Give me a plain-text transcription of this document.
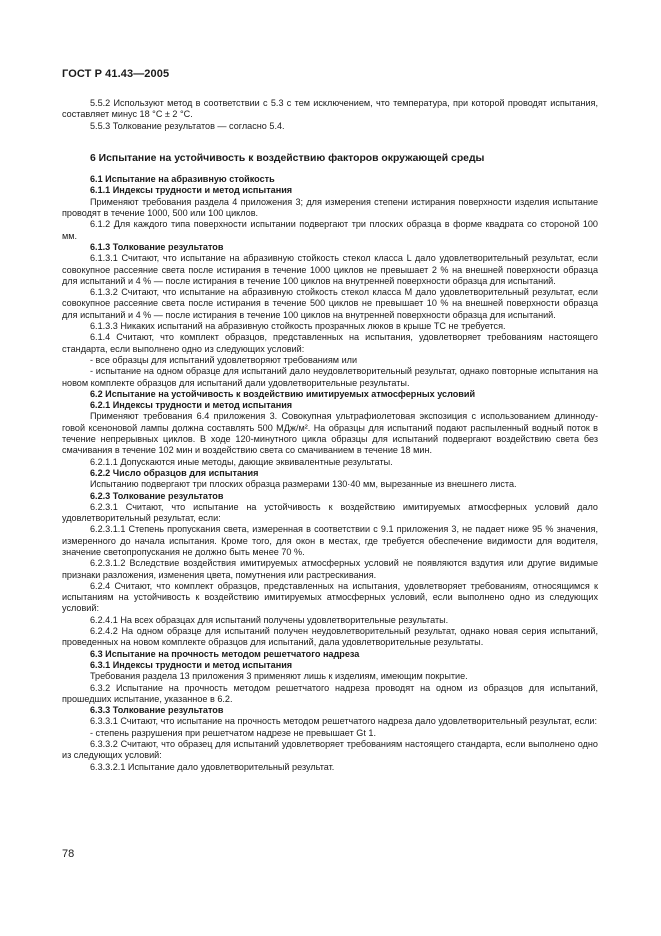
ГОСТ Р 41.43—2005

5.5.2 Используют метод в соответствии с 5.3 с тем исключением, что температура, при которой проводят испытания, составляет минус 18 °С ± 2 °С.

5.5.3 Толкование результатов — согласно 5.4.

6 Испытание на устойчивость к воздействию факторов окружающей среды

6.1 Испытание на абразивную стойкость

6.1.1 Индексы трудности и метод испытания

Применяют требования раздела 4 приложения 3; для измерения степени истирания поверхности изделия испытание проводят в течение 1000, 500 или 100 циклов.

6.1.2 Для каждого типа поверхности испытании подвергают три плоских образца в форме квадрата со стороной 100 мм.

6.1.3 Толкование результатов

6.1.3.1 Считают, что испытание на абразивную стойкость стекол класса L дало удовлетворительный результат, если совокупное рассеяние света после истирания в течение 1000 циклов не превышает 2 % на внешней поверхности образца для испытаний и 4 % — после истирания в течение 100 циклов на внутренней поверхности образца для испытаний.

6.1.3.2 Считают, что испытание на абразивную стойкость стекол класса М дало удовлетворительный результат, если совокупное рассеяние света после истирания в течение 500 циклов не превышает 10 % на внешней поверхности образца для испытаний и 4 % — после истирания в течение 100 циклов на внутренней поверхности образца для испытаний.

6.1.3.3 Никаких испытаний на абразивную стойкость прозрачных люков в крыше ТС не требуется.

6.1.4 Считают, что комплект образцов, представленных на испытания, удовлетворяет требованиям настоящего стандарта, если выполнено одно из следующих условий:

- все образцы для испытаний удовлетворяют требованиям или

- испытание на одном образце для испытаний дало неудовлетворительный результат, однако повторные испытания на новом комплекте образцов для испытаний дали удовлетворительные результаты.

6.2 Испытание на устойчивость к воздействию имитируемых атмосферных условий

6.2.1 Индексы трудности и метод испытания

Применяют требования 6.4 приложения 3. Совокупная ультрафиолетовая экспозиция с использованием длиннодуговой ксеноновой лампы должна составлять 500 МДж/м². На образцы для испытаний подают распыленный водный поток в течение непрерывных циклов. В ходе 120-минутного цикла образцы для испытаний подвергают воздействию света без смачивания в течение 102 мин и воздействию света со смачиванием в течение 18 мин.

6.2.1.1 Допускаются иные методы, дающие эквивалентные результаты.

6.2.2 Число образцов для испытания

Испытанию подвергают три плоских образца размерами 130·40 мм, вырезанные из внешнего листа.

6.2.3 Толкование результатов

6.2.3.1 Считают, что испытание на устойчивость к воздействию имитируемых атмосферных условий дало удовлетворительный результат, если:

6.2.3.1.1 Степень пропускания света, измеренная в соответствии с 9.1 приложения 3, не падает ниже 95 % значения, измеренного до начала испытания. Кроме того, для окон в местах, где требуется обеспечение видимости для водителя, значение светопропускания не должно быть менее 70 %.

6.2.3.1.2 Вследствие воздействия имитируемых атмосферных условий не появляются вздутия или другие видимые признаки разложения, изменения цвета, помутнения или растрескивания.

6.2.4 Считают, что комплект образцов, представленных на испытания, удовлетворяет требованиям, относящимся к испытаниям на устойчивость к воздействию имитируемых атмосферных условий, если выполнено одно из следующих условий:

6.2.4.1 На всех образцах для испытаний получены удовлетворительные результаты.

6.2.4.2 На одном образце для испытаний получен неудовлетворительный результат, однако новая серия испытаний, проведенных на новом комплекте образцов для испытаний, дала удовлетворительные результаты.

6.3 Испытание на прочность методом решетчатого надреза

6.3.1 Индексы трудности и метод испытания

Требования раздела 13 приложения 3 применяют лишь к изделиям, имеющим покрытие.

6.3.2 Испытание на прочность методом решетчатого надреза проводят на одном из образцов для испытаний, прошедших испытание, указанное в 6.2.

6.3.3 Толкование результатов

6.3.3.1 Считают, что испытание на прочность методом решетчатого надреза дало удовлетворительный результат, если:

- степень разрушения при решетчатом надрезе не превышает Gt 1.

6.3.3.2 Считают, что образец для испытаний удовлетворяет требованиям настоящего стандарта, если выполнено одно из следующих условий:

6.3.3.2.1 Испытание дало удовлетворительный результат.

78
